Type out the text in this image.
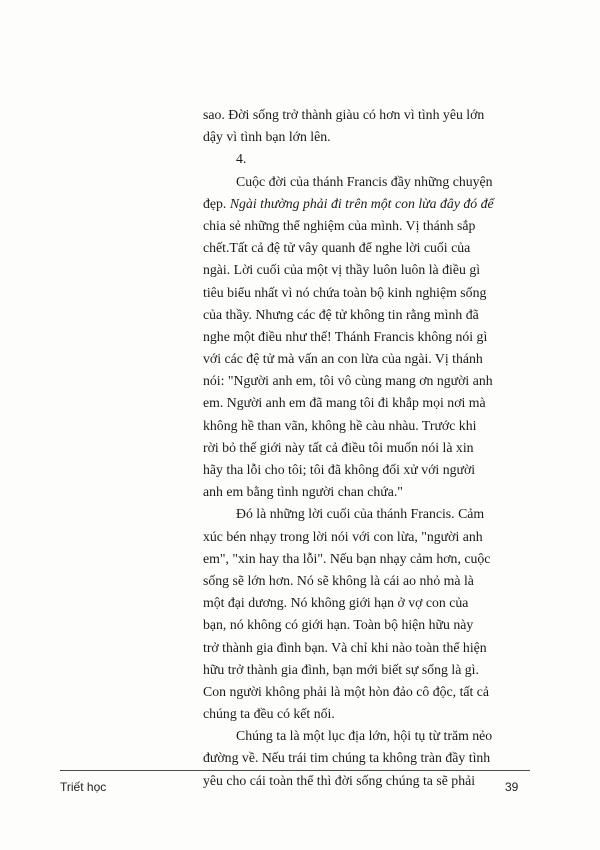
sao. Đời sống trở thành giàu có hơn vì tình yêu lớn
dậy vì tình bạn lớn lên.
4.
Cuộc đời của thánh Francis đầy những chuyện
đẹp. Ngài thường phải đi trên một con lừa đây đó để
chia sẻ những thể nghiệm của mình. Vị thánh sắp
chết.Tất cả đệ tử vây quanh để nghe lời cuối của
ngài. Lời cuối của một vị thầy luôn luôn là điều gì
tiêu biểu nhất vì nó chứa toàn bộ kinh nghiệm sống
của thầy. Nhưng các đệ tử không tin rằng mình đã
nghe một điều như thế! Thánh Francis không nói gì
với các đệ tử mà vấn an con lừa của ngài. Vị thánh
nói: "Người anh em, tôi vô cùng mang ơn người anh
em. Người anh em đã mang tôi đi khắp mọi nơi mà
không hề than vãn, không hề càu nhàu. Trước khi
rời bỏ thế giới này tất cả điều tôi muốn nói là xin
hãy tha lỗi cho tôi; tôi đã không đối xử với người
anh em bằng tình người chan chứa."
Đó là những lời cuối của thánh Francis. Cảm
xúc bén nhạy trong lời nói với con lừa, "người anh
em", "xin hay tha lỗi". Nếu bạn nhạy cảm hơn, cuộc
sống sẽ lớn hơn. Nó sẽ không là cái ao nhỏ mà là
một đại dương. Nó không giới hạn ở vợ con của
bạn, nó không có giới hạn. Toàn bộ hiện hữu này
trở thành gia đình bạn. Và chỉ khi nào toàn thể hiện
hữu trở thành gia đình, bạn mới biết sự sống là gì.
Con người không phải là một hòn đảo cô độc, tất cả
chúng ta đều có kết nối.
Chúng ta là một lục địa lớn, hội tụ từ trăm nẻo
đường về. Nếu trái tim chúng ta không tràn đầy tình
yêu cho cái toàn thể thì đời sống chúng ta sẽ phải
Triết học	39
